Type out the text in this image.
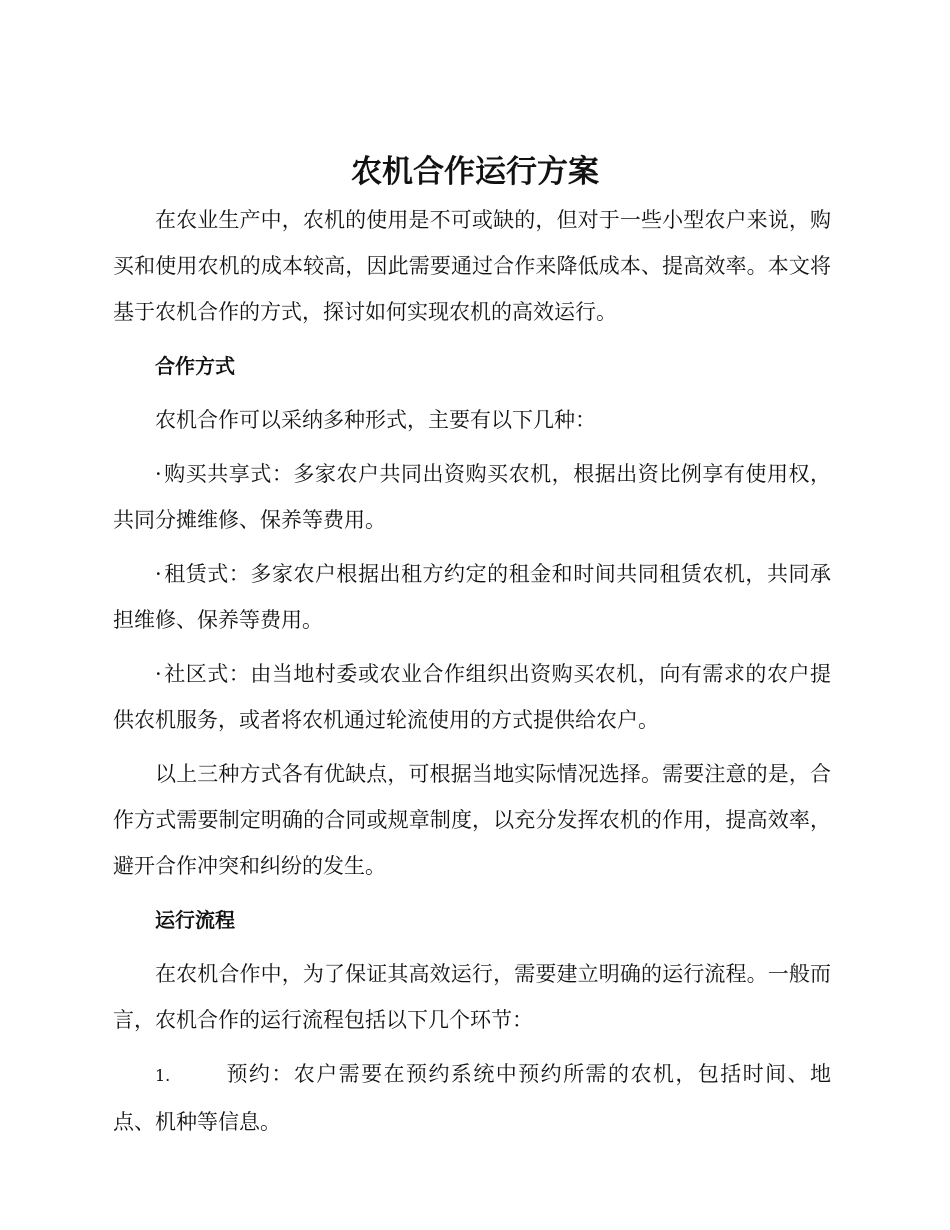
农机合作运行方案

在农业生产中，农机的使用是不可或缺的，但对于一些小型农户来说，购买和使用农机的成本较高，因此需要通过合作来降低成本、提高效率。本文将基于农机合作的方式，探讨如何实现农机的高效运行。

合作方式

农机合作可以采纳多种形式，主要有以下几种：

·购买共享式：多家农户共同出资购买农机，根据出资比例享有使用权，共同分摊维修、保养等费用。

·租赁式：多家农户根据出租方约定的租金和时间共同租赁农机，共同承担维修、保养等费用。

·社区式：由当地村委或农业合作组织出资购买农机，向有需求的农户提供农机服务，或者将农机通过轮流使用的方式提供给农户。

以上三种方式各有优缺点，可根据当地实际情况选择。需要注意的是，合作方式需要制定明确的合同或规章制度，以充分发挥农机的作用，提高效率，避开合作冲突和纠纷的发生。

运行流程

在农机合作中，为了保证其高效运行，需要建立明确的运行流程。一般而言，农机合作的运行流程包括以下几个环节：

1.	预约：农户需要在预约系统中预约所需的农机，包括时间、地点、机种等信息。
